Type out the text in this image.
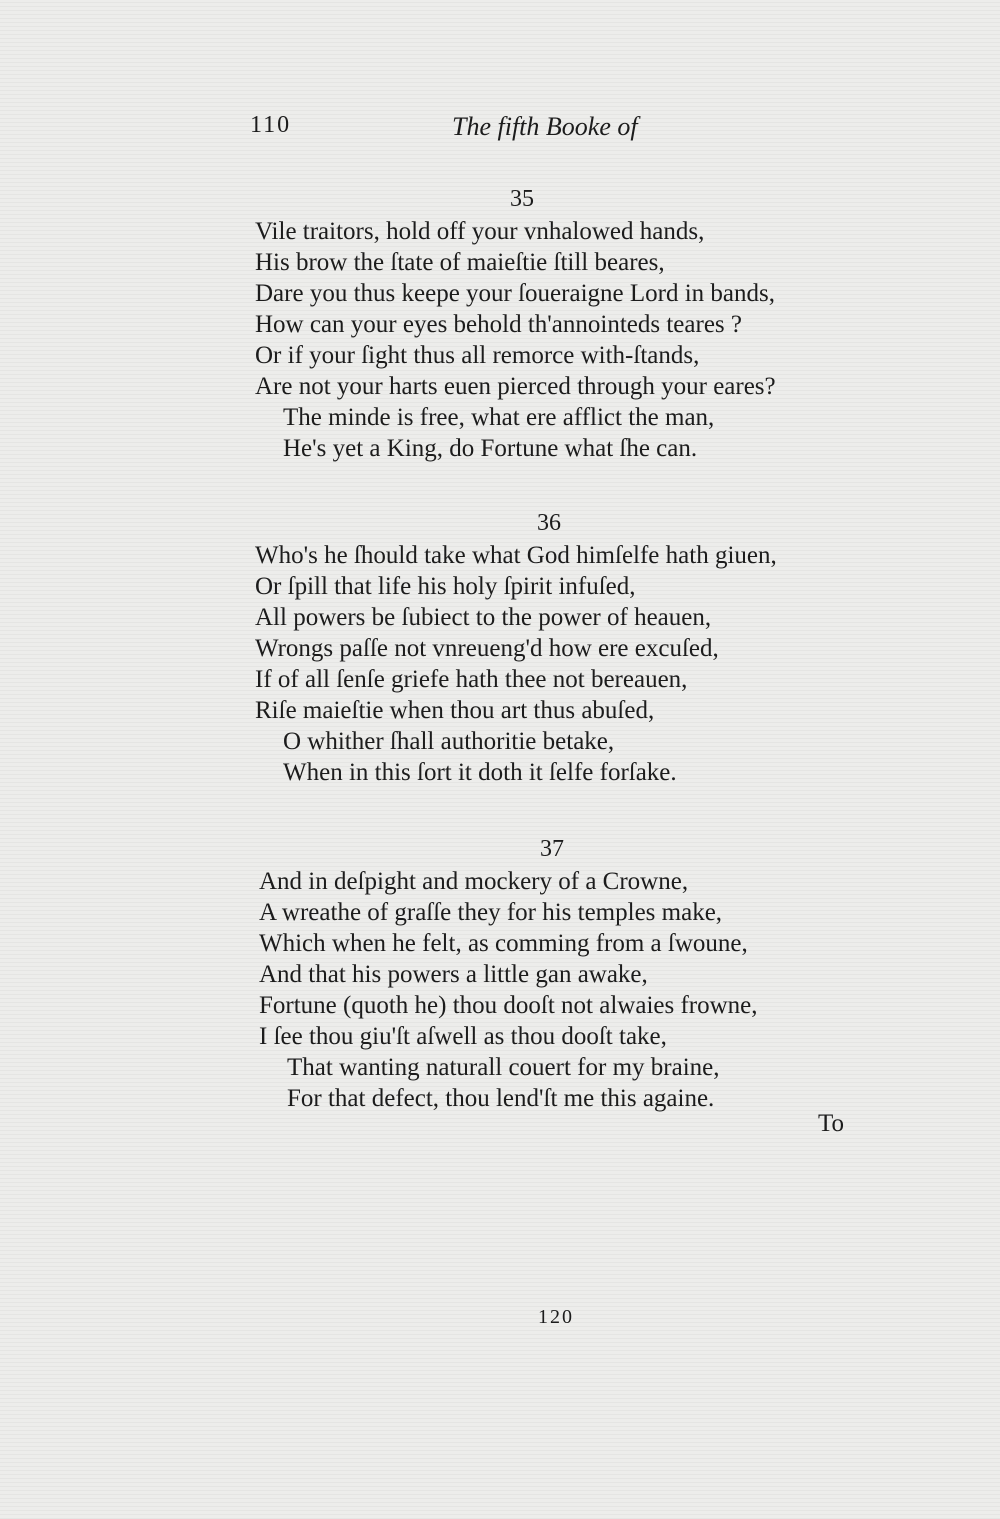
110	The fifth Booke of
35
Vile traitors, hold off your vnhalowed hands,
His brow the ſtate of maieſtie ſtill beares,
Dare you thus keepe your ſoueraigne Lord in bands,
How can your eyes behold th'annointeds teares ?
Or if your ſight thus all remorce with-ſtands,
Are not your harts euen pierced through your eares?
The minde is free, what ere afflict the man,
He's yet a King, do Fortune what ſhe can.
36
Who's he ſhould take what God himſelfe hath giuen,
Or ſpill that life his holy ſpirit infuſed,
All powers be ſubiect to the power of heauen,
Wrongs paſſe not vnreueng'd how ere excuſed,
If of all ſenſe griefe hath thee not bereauen,
Riſe maieſtie when thou art thus abuſed,
O whither ſhall authoritie betake,
When in this ſort it doth it ſelfe forſake.
37
And in deſpight and mockery of a Crowne,
A wreathe of graſſe they for his temples make,
Which when he felt, as comming from a ſwoune,
And that his powers a little gan awake,
Fortune (quoth he) thou dooſt not alwaies frowne,
I ſee thou giu'ſt aſwell as thou dooſt take,
That wanting naturall couert for my braine,
For that defect, thou lend'ſt me this againe.
To
120
